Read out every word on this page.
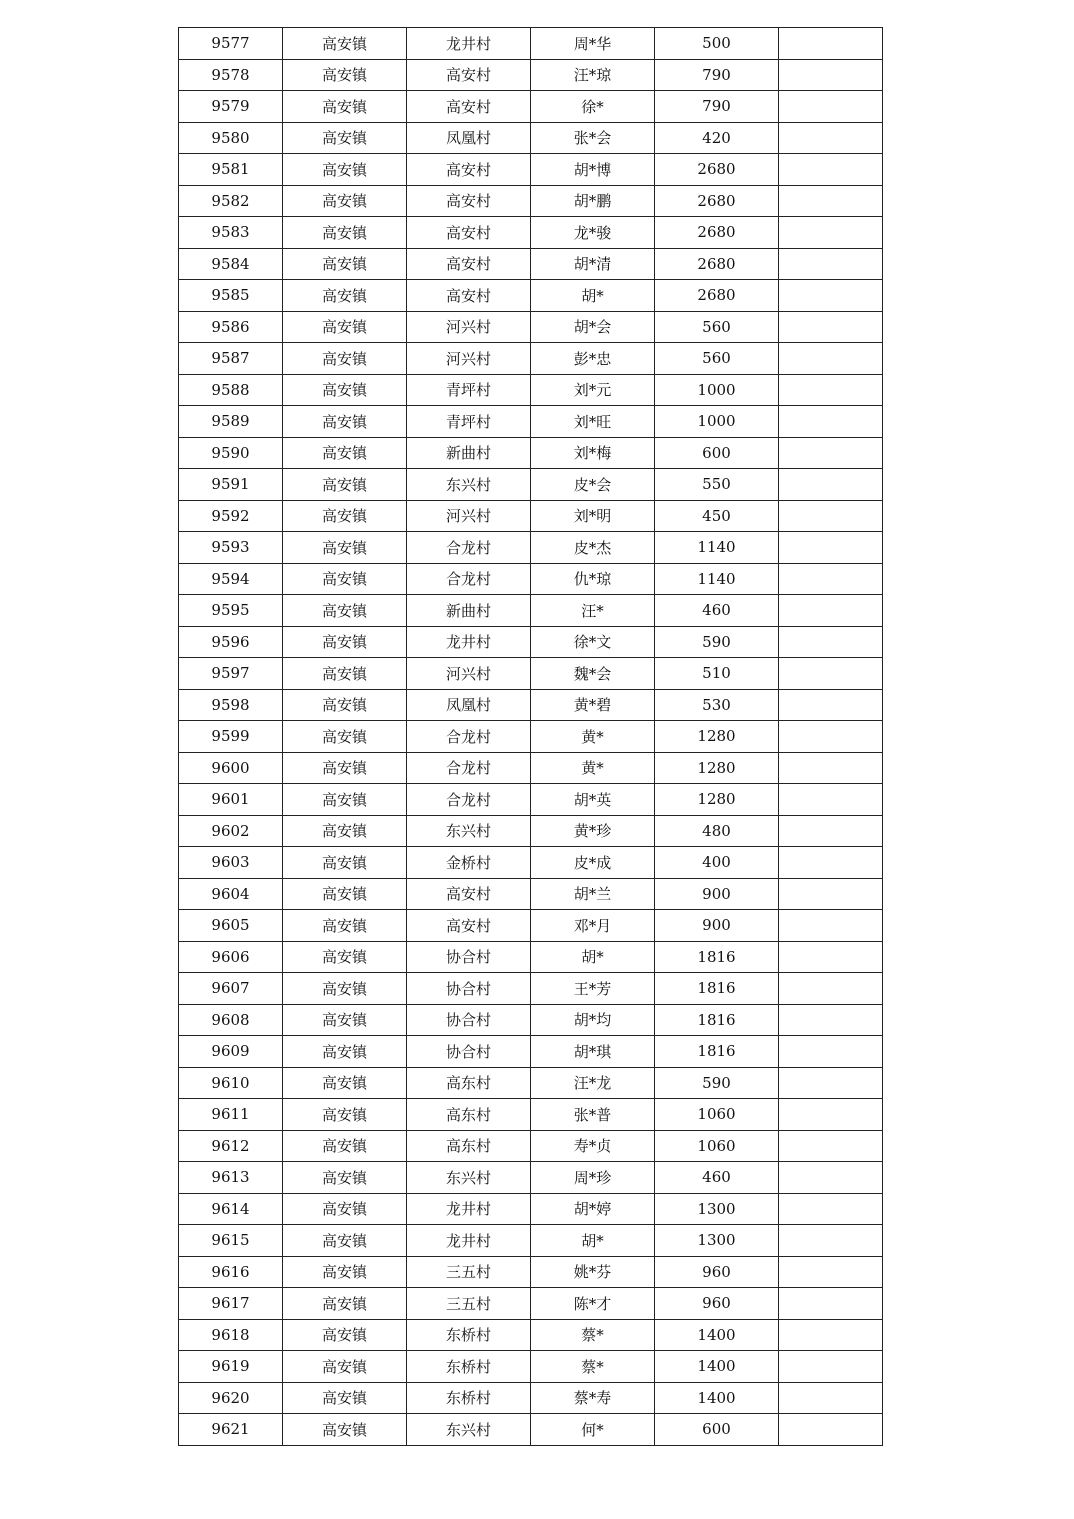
9577	高安镇	龙井村	周*华	500	
9578	高安镇	高安村	汪*琼	790	
9579	高安镇	高安村	徐*	790	
9580	高安镇	凤凰村	张*会	420	
9581	高安镇	高安村	胡*博	2680	
9582	高安镇	高安村	胡*鹏	2680	
9583	高安镇	高安村	龙*骏	2680	
9584	高安镇	高安村	胡*清	2680	
9585	高安镇	高安村	胡*	2680	
9586	高安镇	河兴村	胡*会	560	
9587	高安镇	河兴村	彭*忠	560	
9588	高安镇	青坪村	刘*元	1000	
9589	高安镇	青坪村	刘*旺	1000	
9590	高安镇	新曲村	刘*梅	600	
9591	高安镇	东兴村	皮*会	550	
9592	高安镇	河兴村	刘*明	450	
9593	高安镇	合龙村	皮*杰	1140	
9594	高安镇	合龙村	仇*琼	1140	
9595	高安镇	新曲村	汪*	460	
9596	高安镇	龙井村	徐*文	590	
9597	高安镇	河兴村	魏*会	510	
9598	高安镇	凤凰村	黄*碧	530	
9599	高安镇	合龙村	黄*	1280	
9600	高安镇	合龙村	黄*	1280	
9601	高安镇	合龙村	胡*英	1280	
9602	高安镇	东兴村	黄*珍	480	
9603	高安镇	金桥村	皮*成	400	
9604	高安镇	高安村	胡*兰	900	
9605	高安镇	高安村	邓*月	900	
9606	高安镇	协合村	胡*	1816	
9607	高安镇	协合村	王*芳	1816	
9608	高安镇	协合村	胡*均	1816	
9609	高安镇	协合村	胡*琪	1816	
9610	高安镇	高东村	汪*龙	590	
9611	高安镇	高东村	张*普	1060	
9612	高安镇	高东村	寿*贞	1060	
9613	高安镇	东兴村	周*珍	460	
9614	高安镇	龙井村	胡*婷	1300	
9615	高安镇	龙井村	胡*	1300	
9616	高安镇	三五村	姚*芬	960	
9617	高安镇	三五村	陈*才	960	
9618	高安镇	东桥村	蔡*	1400	
9619	高安镇	东桥村	蔡*	1400	
9620	高安镇	东桥村	蔡*寿	1400	
9621	高安镇	东兴村	何*	600	
